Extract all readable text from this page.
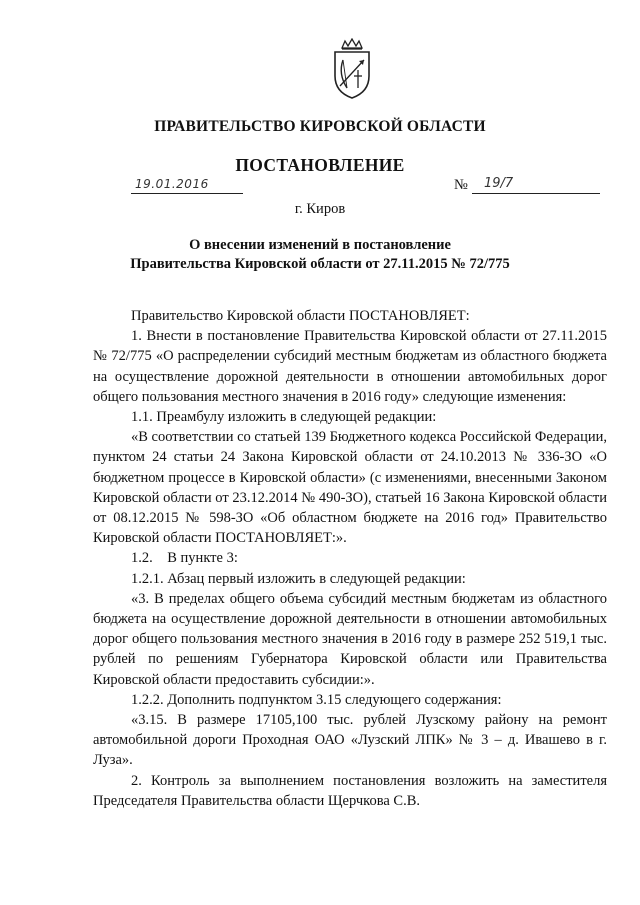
ПРАВИТЕЛЬСТВО КИРОВСКОЙ ОБЛАСТИ
ПОСТАНОВЛЕНИЕ
19.01.2016	№ 19/7
г. Киров
О внесении изменений в постановление
Правительства Кировской области от 27.11.2015 № 72/775

Правительство Кировской области ПОСТАНОВЛЯЕТ:

1. Внести в постановление Правительства Кировской области от 27.11.2015 № 72/775 «О распределении субсидий местным бюджетам из областного бюджета на осуществление дорожной деятельности в отношении автомобильных дорог общего пользования местного значения в 2016 году» следующие изменения:

1.1. Преамбулу изложить в следующей редакции:

«В соответствии со статьей 139 Бюджетного кодекса Российской Федерации, пунктом 24 статьи 24 Закона Кировской области от 24.10.2013 № 336-ЗО «О бюджетном процессе в Кировской области» (с изменениями, внесенными Законом Кировской области от 23.12.2014 № 490-ЗО), статьей 16 Закона Кировской области от 08.12.2015 № 598-ЗО «Об областном бюджете на 2016 год» Правительство Кировской области ПОСТАНОВЛЯЕТ:».

1.2.    В пункте 3:

1.2.1. Абзац первый изложить в следующей редакции:

«3. В пределах общего объема субсидий местным бюджетам из областного бюджета на осуществление дорожной деятельности в отношении автомобильных дорог общего пользования местного значения в 2016 году в размере 252 519,1 тыс. рублей по решениям Губернатора Кировской области или Правительства Кировской области предоставить субсидии:».

1.2.2. Дополнить подпунктом 3.15 следующего содержания:

«3.15. В размере 17105,100 тыс. рублей Лузскому району на ремонт автомобильной дороги Проходная ОАО «Лузский ЛПК» № 3 – д. Ивашево в г. Луза».

2. Контроль за выполнением постановления возложить на заместителя Председателя Правительства области Щерчкова С.В.
